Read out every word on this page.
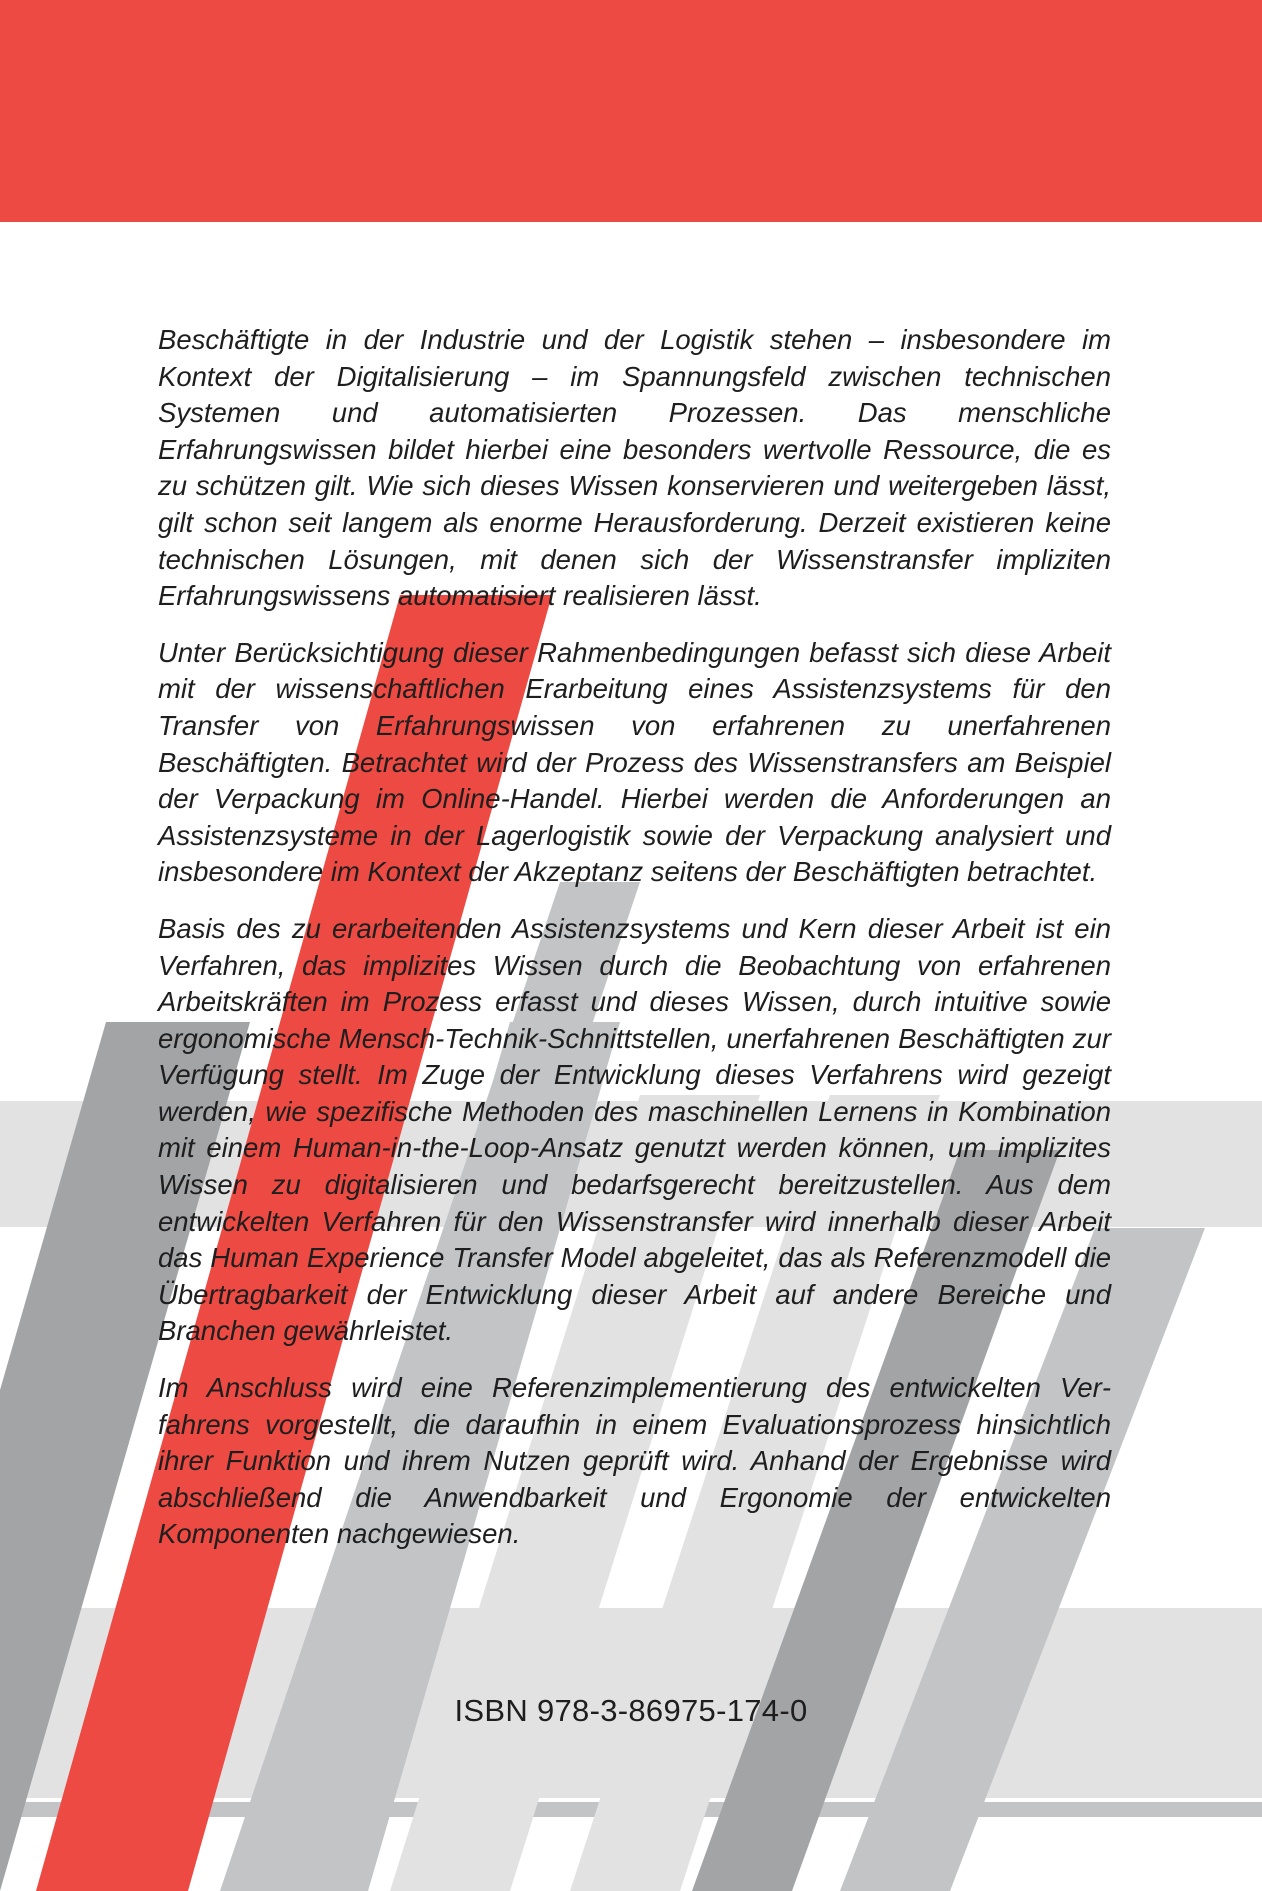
Beschäftigte in der Industrie und der Logistik stehen – insbesondere im Kontext der Digitalisierung – im Spannungsfeld zwischen technischen Systemen und automatisierten Prozessen. Das menschliche Erfahrungswissen bildet hierbei eine besonders wertvolle Ressource, die es zu schützen gilt. Wie sich dieses Wissen konservieren und weitergeben lässt, gilt schon seit langem als enorme Herausforderung. Derzeit existieren keine technischen Lösungen, mit denen sich der Wissenstransfer impliziten Erfahrungswissens automatisiert realisieren lässt.

Unter Berücksichtigung dieser Rahmenbedingungen befasst sich diese Arbeit mit der wissenschaftlichen Erarbeitung eines Assistenzsystems für den Transfer von Erfahrungswissen von erfahrenen zu unerfahrenen Beschäftigten. Betrachtet wird der Prozess des Wissenstransfers am Beispiel der Verpackung im Online-Handel. Hierbei werden die Anforderungen an Assistenzsysteme in der Lagerlogistik sowie der Verpackung analysiert und insbesondere im Kontext der Akzeptanz seitens der Beschäftigten betrachtet.

Basis des zu erarbeitenden Assistenzsystems und Kern dieser Arbeit ist ein Verfahren, das implizites Wissen durch die Beobachtung von erfahrenen Arbeitskräften im Prozess erfasst und dieses Wissen, durch intuitive sowie ergonomische Mensch-Technik-Schnittstellen, unerfahrenen Beschäftigten zur Verfügung stellt. Im Zuge der Entwicklung dieses Verfahrens wird gezeigt werden, wie spezifische Methoden des maschinellen Lernens in Kombination mit einem Human-in-the-Loop-Ansatz genutzt werden können, um implizites Wissen zu digitalisieren und bedarfsgerecht bereitzustellen. Aus dem entwickelten Verfahren für den Wissenstransfer wird innerhalb dieser Arbeit das Human Experience Transfer Model abgeleitet, das als Referenzmodell die Übertragbarkeit der Entwicklung dieser Arbeit auf andere Bereiche und Branchen gewährleistet.

Im Anschluss wird eine Referenzimplementierung des entwickelten Verfahrens vorgestellt, die daraufhin in einem Evaluationsprozess hinsichtlich ihrer Funktion und ihrem Nutzen geprüft wird. Anhand der Ergebnisse wird abschließend die Anwendbarkeit und Ergonomie der entwickelten Komponenten nachgewiesen.

ISBN 978-3-86975-174-0
